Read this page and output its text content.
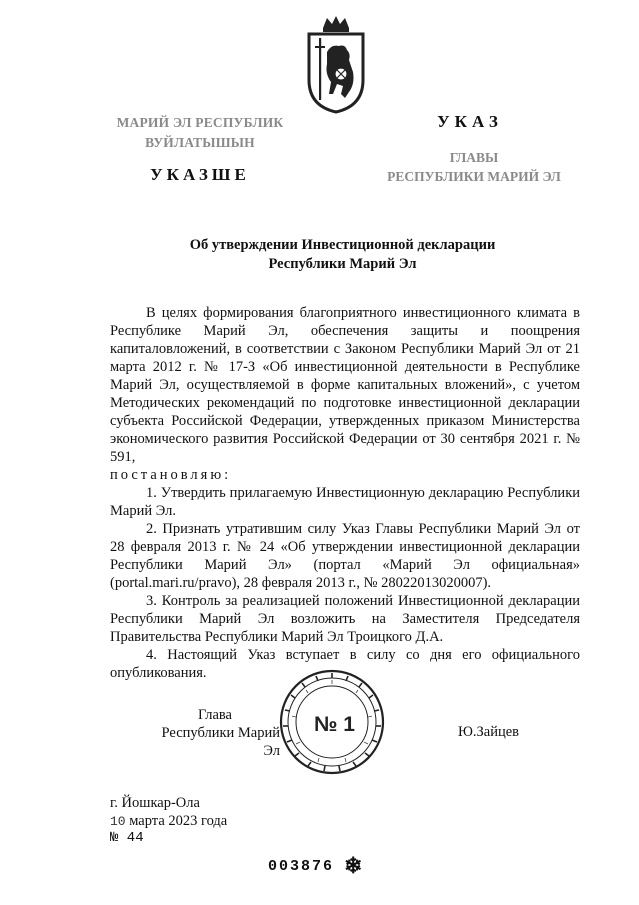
МАРИЙ ЭЛ РЕСПУБЛИК
ВУЙЛАТЫШЫН
УКАЗШЕ
УКАЗ
ГЛАВЫ
РЕСПУБЛИКИ МАРИЙ ЭЛ
Об утверждении Инвестиционной декларации
Республики Марий Эл

В целях формирования благоприятного инвестиционного климата в Республике Марий Эл, обеспечения защиты и поощрения капиталовложений, в соответствии с Законом Республики Марий Эл от 21 марта 2012 г. № 17-З «Об инвестиционной деятельности в Республике Марий Эл, осуществляемой в форме капитальных вложений», с учетом Методических рекомендаций по подготовке инвестиционной декларации субъекта Российской Федерации, утвержденных приказом Министерства экономического развития Российской Федерации от 30 сентября 2021 г. № 591,

постановляю:

1. Утвердить прилагаемую Инвестиционную декларацию Республики Марий Эл.

2. Признать утратившим силу Указ Главы Республики Марий Эл от 28 февраля 2013 г. № 24 «Об утверждении инвестиционной декларации Республики Марий Эл» (портал «Марий Эл официальная» (portal.mari.ru/pravo), 28 февраля 2013 г., № 28022013020007).

3. Контроль за реализацией положений Инвестиционной декларации Республики Марий Эл возложить на Заместителя Председателя Правительства Республики Марий Эл Троицкого Д.А.

4. Настоящий Указ вступает в силу со дня его официального опубликования.

Глава
Республики Марий Эл
Ю.Зайцев
№ 1
г. Йошкар-Ола
10 марта 2023 года
№ 44
003876 ❄
